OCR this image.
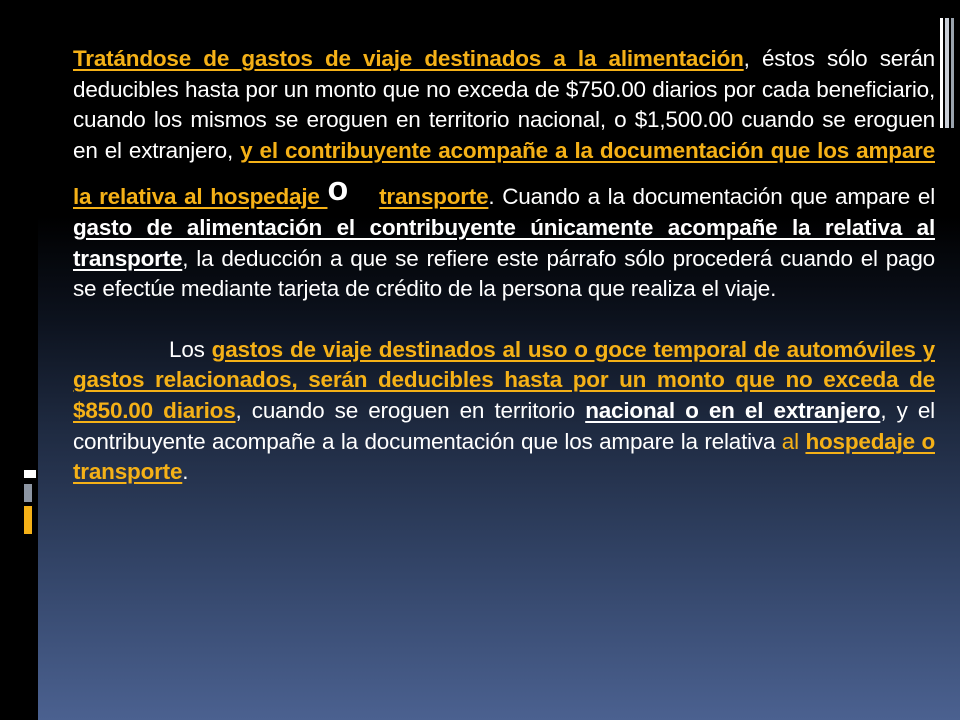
Tratándose de gastos de viaje destinados a la alimentación, éstos sólo serán deducibles hasta por un monto que no exceda de $750.00 diarios por cada beneficiario, cuando los mismos se eroguen en territorio nacional, o $1,500.00 cuando se eroguen en el extranjero, y el contribuyente acompañe a la documentación que los ampare la relativa al hospedaje o transporte. Cuando a la documentación que ampare el gasto de alimentación el contribuyente únicamente acompañe la relativa al transporte, la deducción a que se refiere este párrafo sólo procederá cuando el pago se efectúe mediante tarjeta de crédito de la persona que realiza el viaje.

Los gastos de viaje destinados al uso o goce temporal de automóviles y gastos relacionados, serán deducibles hasta por un monto que no exceda de $850.00 diarios, cuando se eroguen en territorio nacional o en el extranjero, y el contribuyente acompañe a la documentación que los ampare la relativa al hospedaje o transporte.
